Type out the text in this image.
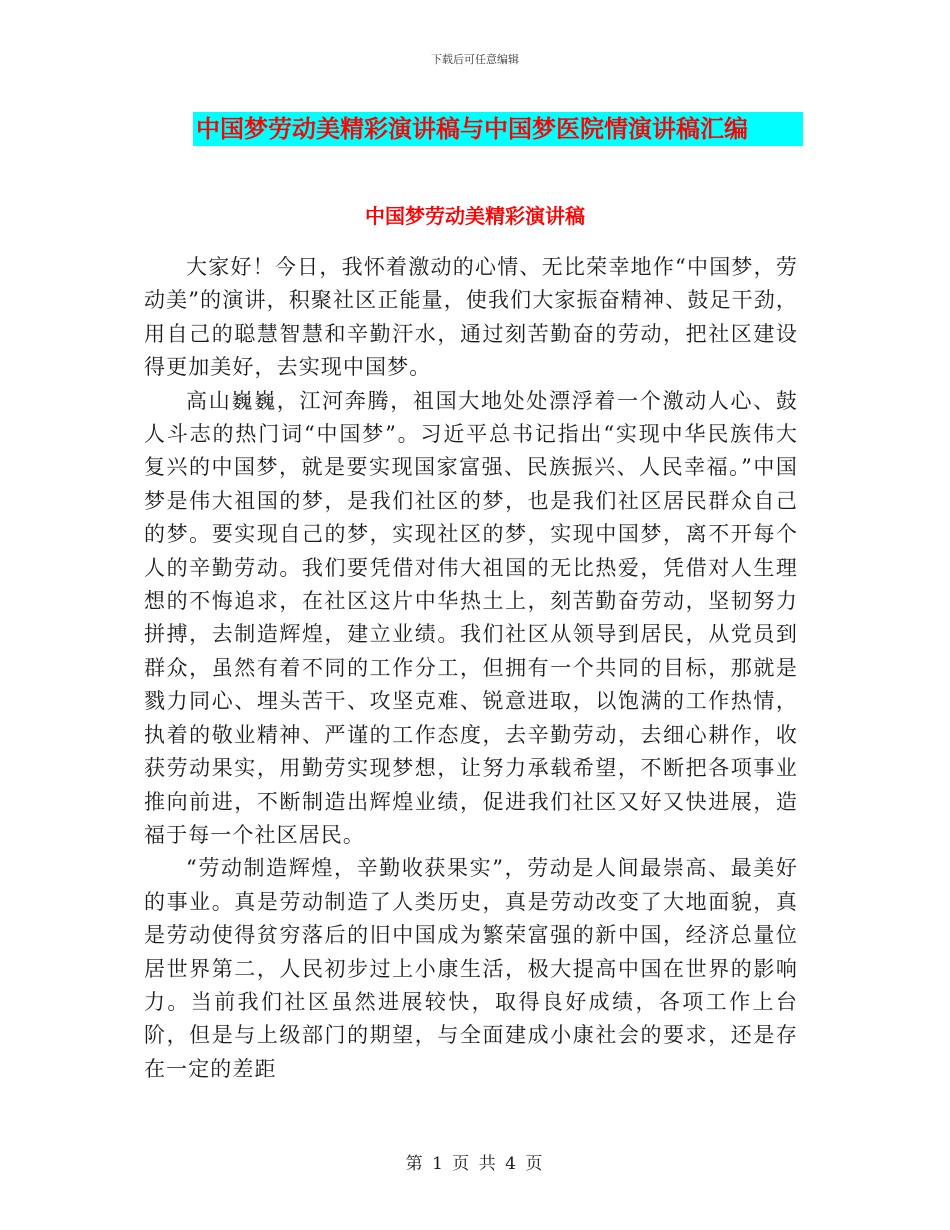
下载后可任意编辑
中国梦劳动美精彩演讲稿与中国梦医院情演讲稿汇编
中国梦劳动美精彩演讲稿

大家好！今日，我怀着激动的心情、无比荣幸地作“中国梦，劳动美”的演讲，积聚社区正能量，使我们大家振奋精神、鼓足干劲，用自己的聪慧智慧和辛勤汗水，通过刻苦勤奋的劳动，把社区建设得更加美好，去实现中国梦。

高山巍巍，江河奔腾，祖国大地处处漂浮着一个激动人心、鼓人斗志的热门词“中国梦”。习近平总书记指出“实现中华民族伟大复兴的中国梦，就是要实现国家富强、民族振兴、人民幸福。”中国梦是伟大祖国的梦，是我们社区的梦，也是我们社区居民群众自己的梦。要实现自己的梦，实现社区的梦，实现中国梦，离不开每个人的辛勤劳动。我们要凭借对伟大祖国的无比热爱，凭借对人生理想的不悔追求，在社区这片中华热土上，刻苦勤奋劳动，坚韧努力拼搏，去制造辉煌，建立业绩。我们社区从领导到居民，从党员到群众，虽然有着不同的工作分工，但拥有一个共同的目标，那就是戮力同心、埋头苦干、攻坚克难、锐意进取，以饱满的工作热情，执着的敬业精神、严谨的工作态度，去辛勤劳动，去细心耕作，收获劳动果实，用勤劳实现梦想，让努力承载希望，不断把各项事业推向前进，不断制造出辉煌业绩，促进我们社区又好又快进展，造福于每一个社区居民。

“劳动制造辉煌，辛勤收获果实”，劳动是人间最崇高、最美好的事业。真是劳动制造了人类历史，真是劳动改变了大地面貌，真是劳动使得贫穷落后的旧中国成为繁荣富强的新中国，经济总量位居世界第二，人民初步过上小康生活，极大提高中国在世界的影响力。当前我们社区虽然进展较快，取得良好成绩，各项工作上台阶，但是与上级部门的期望，与全面建成小康社会的要求，还是存在一定的差距

第 1 页 共 4 页
